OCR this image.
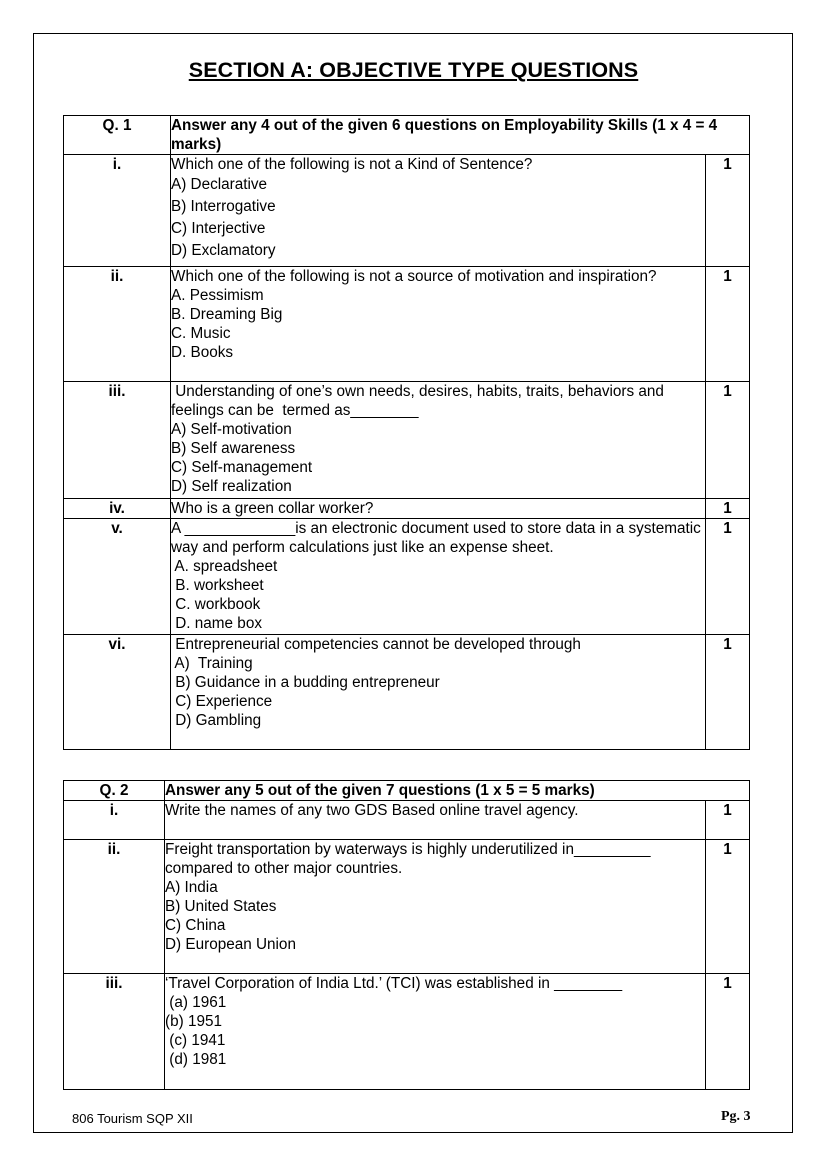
SECTION A: OBJECTIVE TYPE QUESTIONS
Q. 1	Answer any 4 out of the given 6 questions on Employability Skills (1 x 4 = 4 marks)	
i.	Which one of the following is not a Kind of Sentence?
A) Declarative
B) Interrogative
C) Interjective
D) Exclamatory	1
ii.	Which one of the following is not a source of motivation and inspiration?
A. Pessimism
B. Dreaming Big
C. Music
D. Books	1
iii.	Understanding of one’s own needs, desires, habits, traits, behaviors and feelings can be  termed as________
A) Self-motivation
B) Self awareness
C) Self-management
D) Self realization	1
iv.	Who is a green collar worker?	1
v.	A _____________is an electronic document used to store data in a systematic way and perform calculations just like an expense sheet.
A. spreadsheet
B. worksheet
C. workbook
D. name box	1
vi.	Entrepreneurial competencies cannot be developed through
A)  Training
B) Guidance in a budding entrepreneur
C) Experience
D) Gambling	1
Q. 2	Answer any 5 out of the given 7 questions (1 x 5 = 5 marks)	
i.	Write the names of any two GDS Based online travel agency.	1
ii.	Freight transportation by waterways is highly underutilized in_________ compared to other major countries.
A) India
B) United States
C) China
D) European Union	1
iii.	‘Travel Corporation of India Ltd.’ (TCI) was established in ________
(a) 1961
(b) 1951
(c) 1941
(d) 1981	1
806 Tourism SQP XII	Pg. 3
